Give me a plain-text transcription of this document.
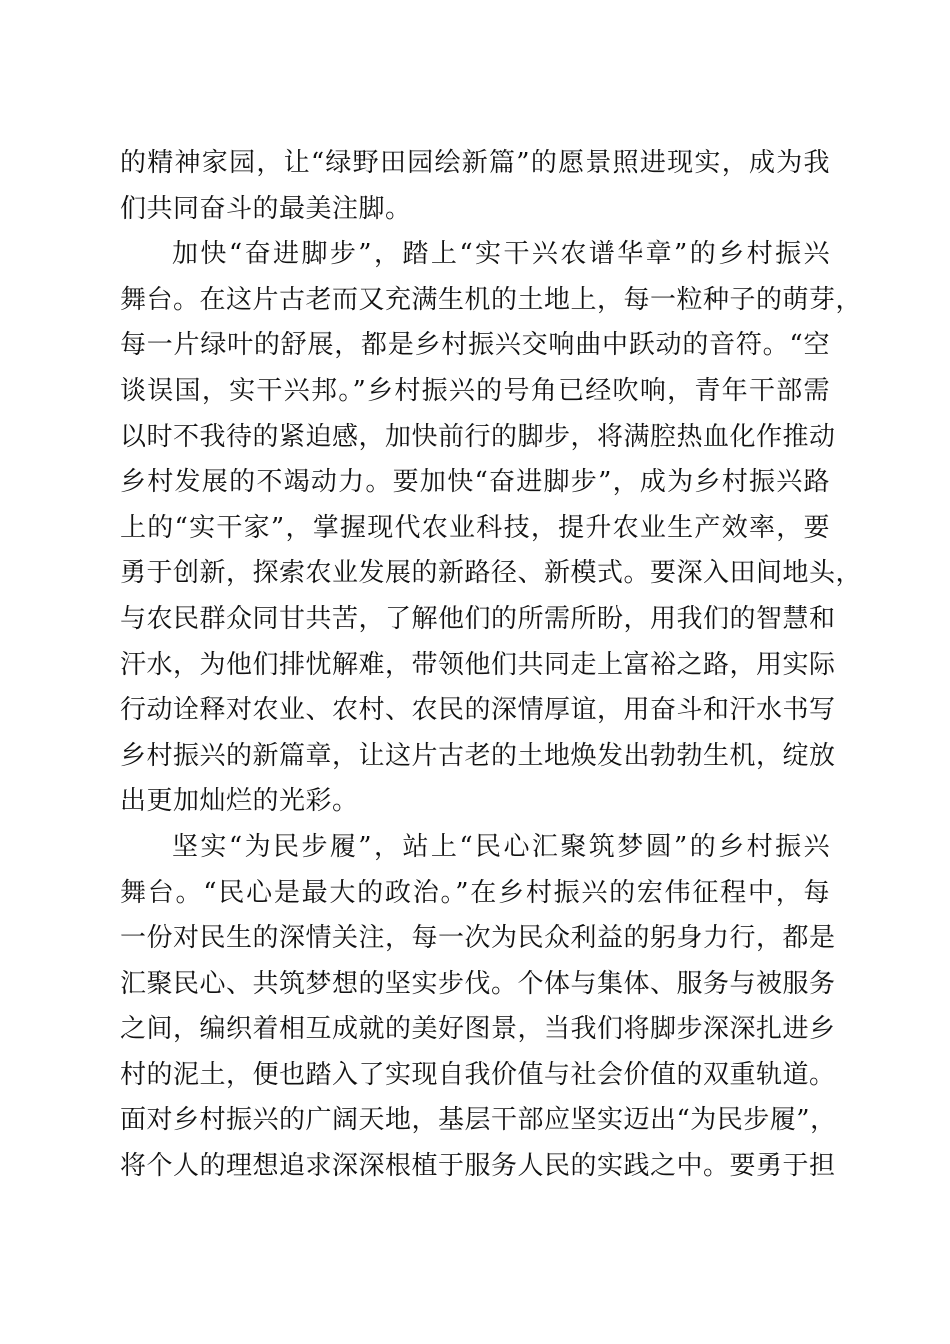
的精神家园，让“绿野田园绘新篇”的愿景照进现实，成为我
们共同奋斗的最美注脚。
加快“奋进脚步”，踏上“实干兴农谱华章”的乡村振兴
舞台。在这片古老而又充满生机的土地上，每一粒种子的萌芽，
每一片绿叶的舒展，都是乡村振兴交响曲中跃动的音符。“空
谈误国，实干兴邦。”乡村振兴的号角已经吹响，青年干部需
以时不我待的紧迫感，加快前行的脚步，将满腔热血化作推动
乡村发展的不竭动力。要加快“奋进脚步”，成为乡村振兴路
上的“实干家”，掌握现代农业科技，提升农业生产效率，要
勇于创新，探索农业发展的新路径、新模式。要深入田间地头，
与农民群众同甘共苦，了解他们的所需所盼，用我们的智慧和
汗水，为他们排忧解难，带领他们共同走上富裕之路，用实际
行动诠释对农业、农村、农民的深情厚谊，用奋斗和汗水书写
乡村振兴的新篇章，让这片古老的土地焕发出勃勃生机，绽放
出更加灿烂的光彩。
坚实“为民步履”，站上“民心汇聚筑梦圆”的乡村振兴
舞台。“民心是最大的政治。”在乡村振兴的宏伟征程中，每
一份对民生的深情关注，每一次为民众利益的躬身力行，都是
汇聚民心、共筑梦想的坚实步伐。个体与集体、服务与被服务
之间，编织着相互成就的美好图景，当我们将脚步深深扎进乡
村的泥土，便也踏入了实现自我价值与社会价值的双重轨道。
面对乡村振兴的广阔天地，基层干部应坚实迈出“为民步履”，
将个人的理想追求深深根植于服务人民的实践之中。要勇于担
